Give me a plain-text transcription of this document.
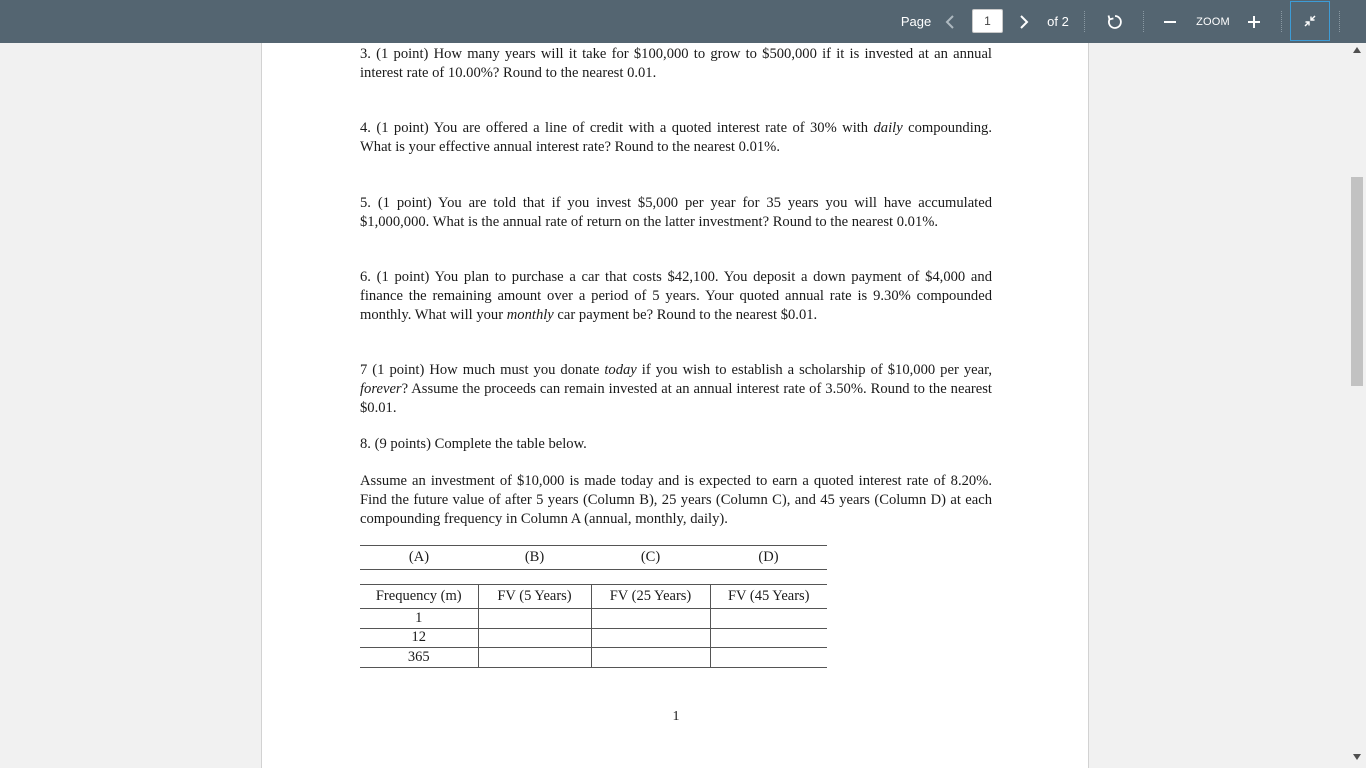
Page	1	of 2	ZOOM

3. (1 point) How many years will it take for $100,000 to grow to $500,000 if it is invested at an annual interest rate of 10.00%? Round to the nearest 0.01.

4. (1 point) You are offered a line of credit with a quoted interest rate of 30% with daily compounding. What is your effective annual interest rate? Round to the nearest 0.01%.

5. (1 point) You are told that if you invest $5,000 per year for 35 years you will have accumulated $1,000,000. What is the annual rate of return on the latter investment? Round to the nearest 0.01%.

6. (1 point) You plan to purchase a car that costs $42,100. You deposit a down payment of $4,000 and finance the remaining amount over a period of 5 years. Your quoted annual rate is 9.30% compounded monthly. What will your monthly car payment be? Round to the nearest $0.01.

7 (1 point) How much must you donate today if you wish to establish a scholarship of $10,000 per year, forever? Assume the proceeds can remain invested at an annual interest rate of 3.50%. Round to the nearest $0.01.

8. (9 points) Complete the table below.

Assume an investment of $10,000 is made today and is expected to earn a quoted interest rate of 8.20%. Find the future value of after 5 years (Column B), 25 years (Column C), and 45 years (Column D) at each compounding frequency in Column A (annual, monthly, daily).

(A)	(B)	(C)	(D)

Frequency (m)	FV (5 Years)	FV (25 Years)	FV (45 Years)
1			
12			
365			
1
